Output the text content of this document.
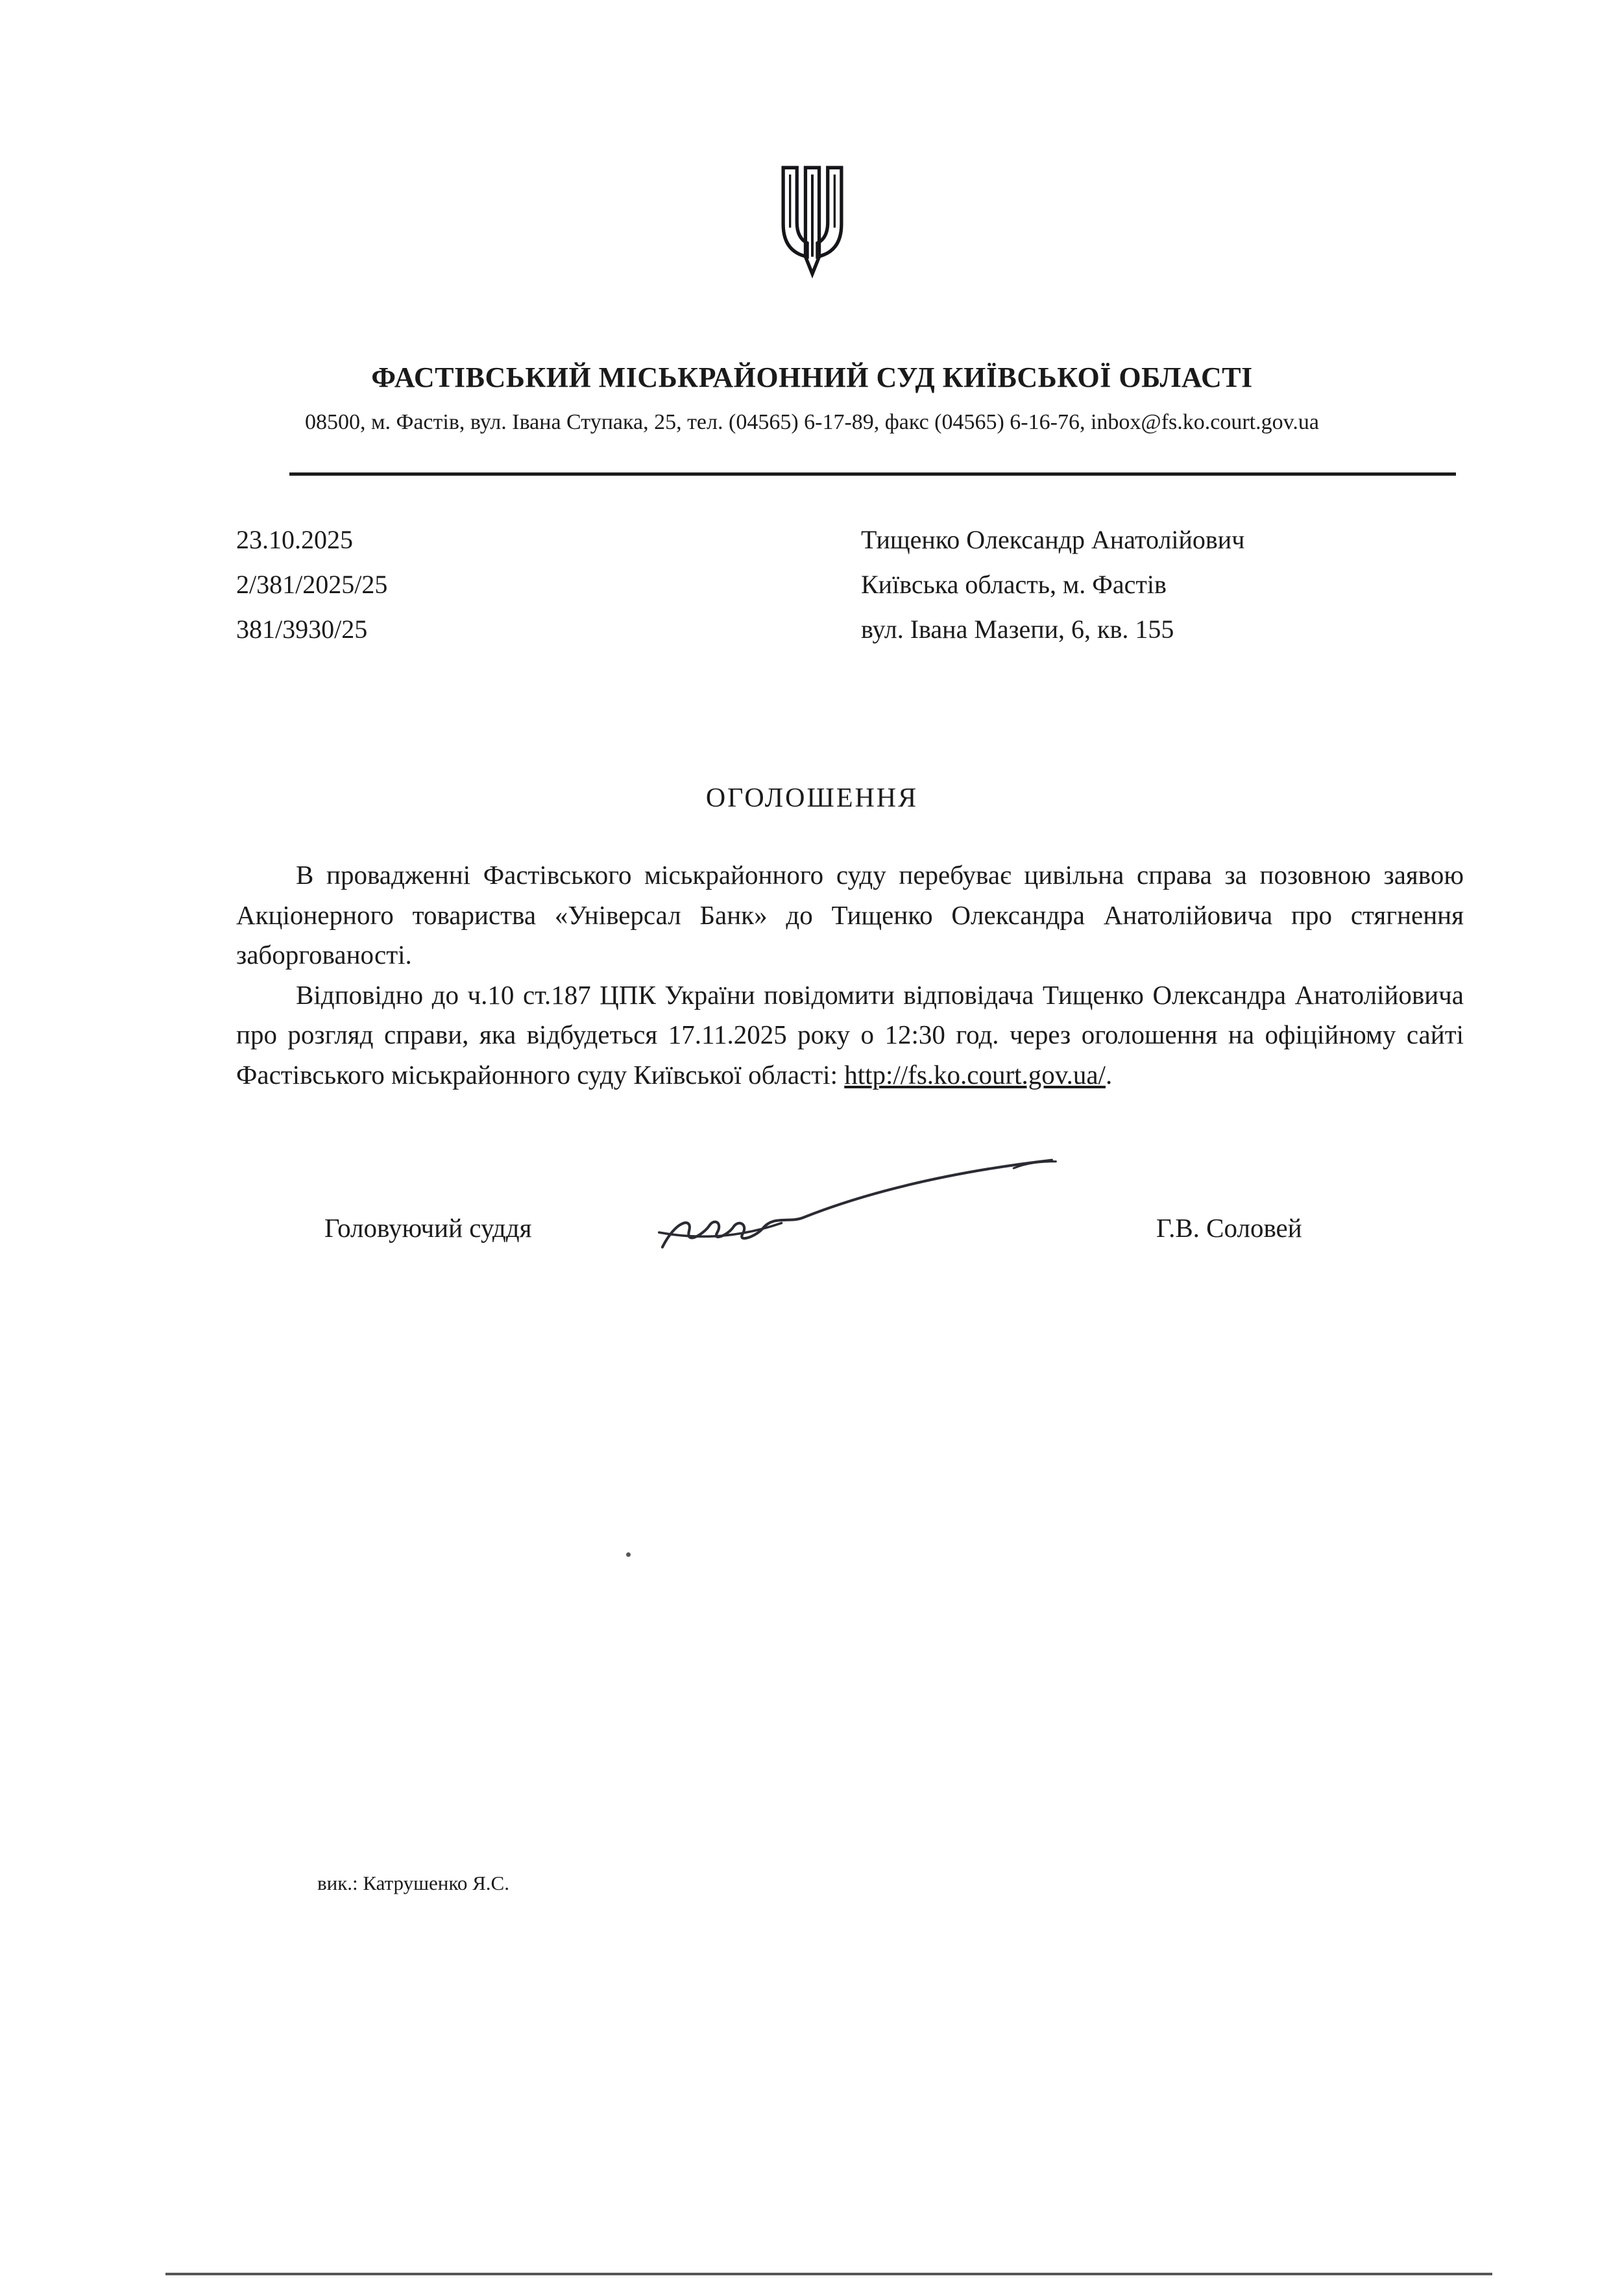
ФАСТІВСЬКИЙ МІСЬКРАЙОННИЙ СУД КИЇВСЬКОЇ ОБЛАСТІ
08500, м. Фастів, вул. Івана Ступака, 25, тел. (04565) 6-17-89, факс (04565) 6-16-76, inbox@fs.ko.court.gov.ua
23.10.2025
2/381/2025/25
381/3930/25
Тищенко Олександр Анатолійович
Київська область, м. Фастів
вул. Івана Мазепи, 6, кв. 155
ОГОЛОШЕННЯ

В провадженні Фастівського міськрайонного суду перебуває цивільна справа за позовною заявою Акціонерного товариства «Універсал Банк» до Тищенко Олександра Анатолійовича про стягнення заборгованості.

Відповідно до ч.10 ст.187 ЦПК України повідомити відповідача Тищенко Олександра Анатолійовича про розгляд справи, яка відбудеться 17.11.2025 року о 12:30 год. через оголошення на офіційному сайті Фастівського міськрайонного суду Київської області: http://fs.ko.court.gov.ua/.

Головуючий суддя	Г.В. Соловей
вик.: Катрушенко Я.С.
